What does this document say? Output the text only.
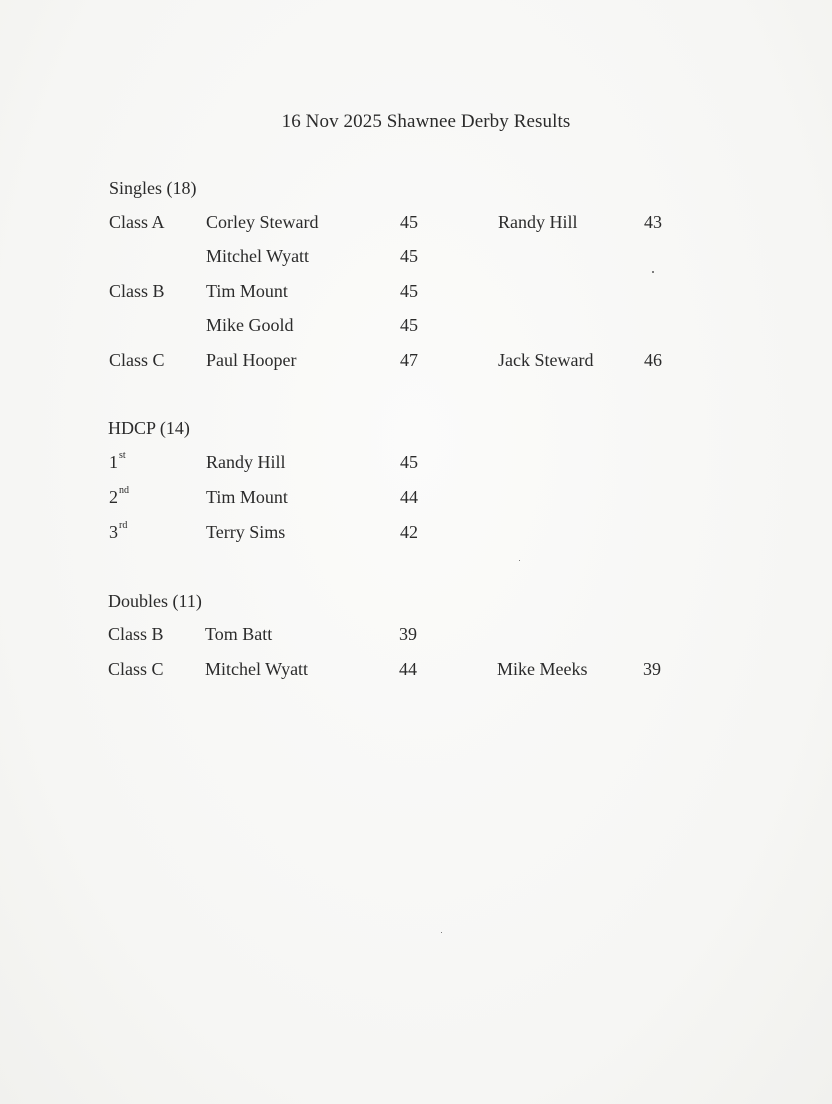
16 Nov 2025 Shawnee Derby Results
Singles (18)
Class A Corley Steward	45	Randy Hill	43
Mitchel Wyatt	45
Class B Tim Mount	45
Mike Goold	45
Class C Paul Hooper	47	Jack Steward	46
HDCP (14)
1st	Randy Hill	45
2nd	Tim Mount	44
3rd	Terry Sims	42
Doubles (11)
Class B Tom Batt	39
Class C Mitchel Wyatt	44	Mike Meeks	39
